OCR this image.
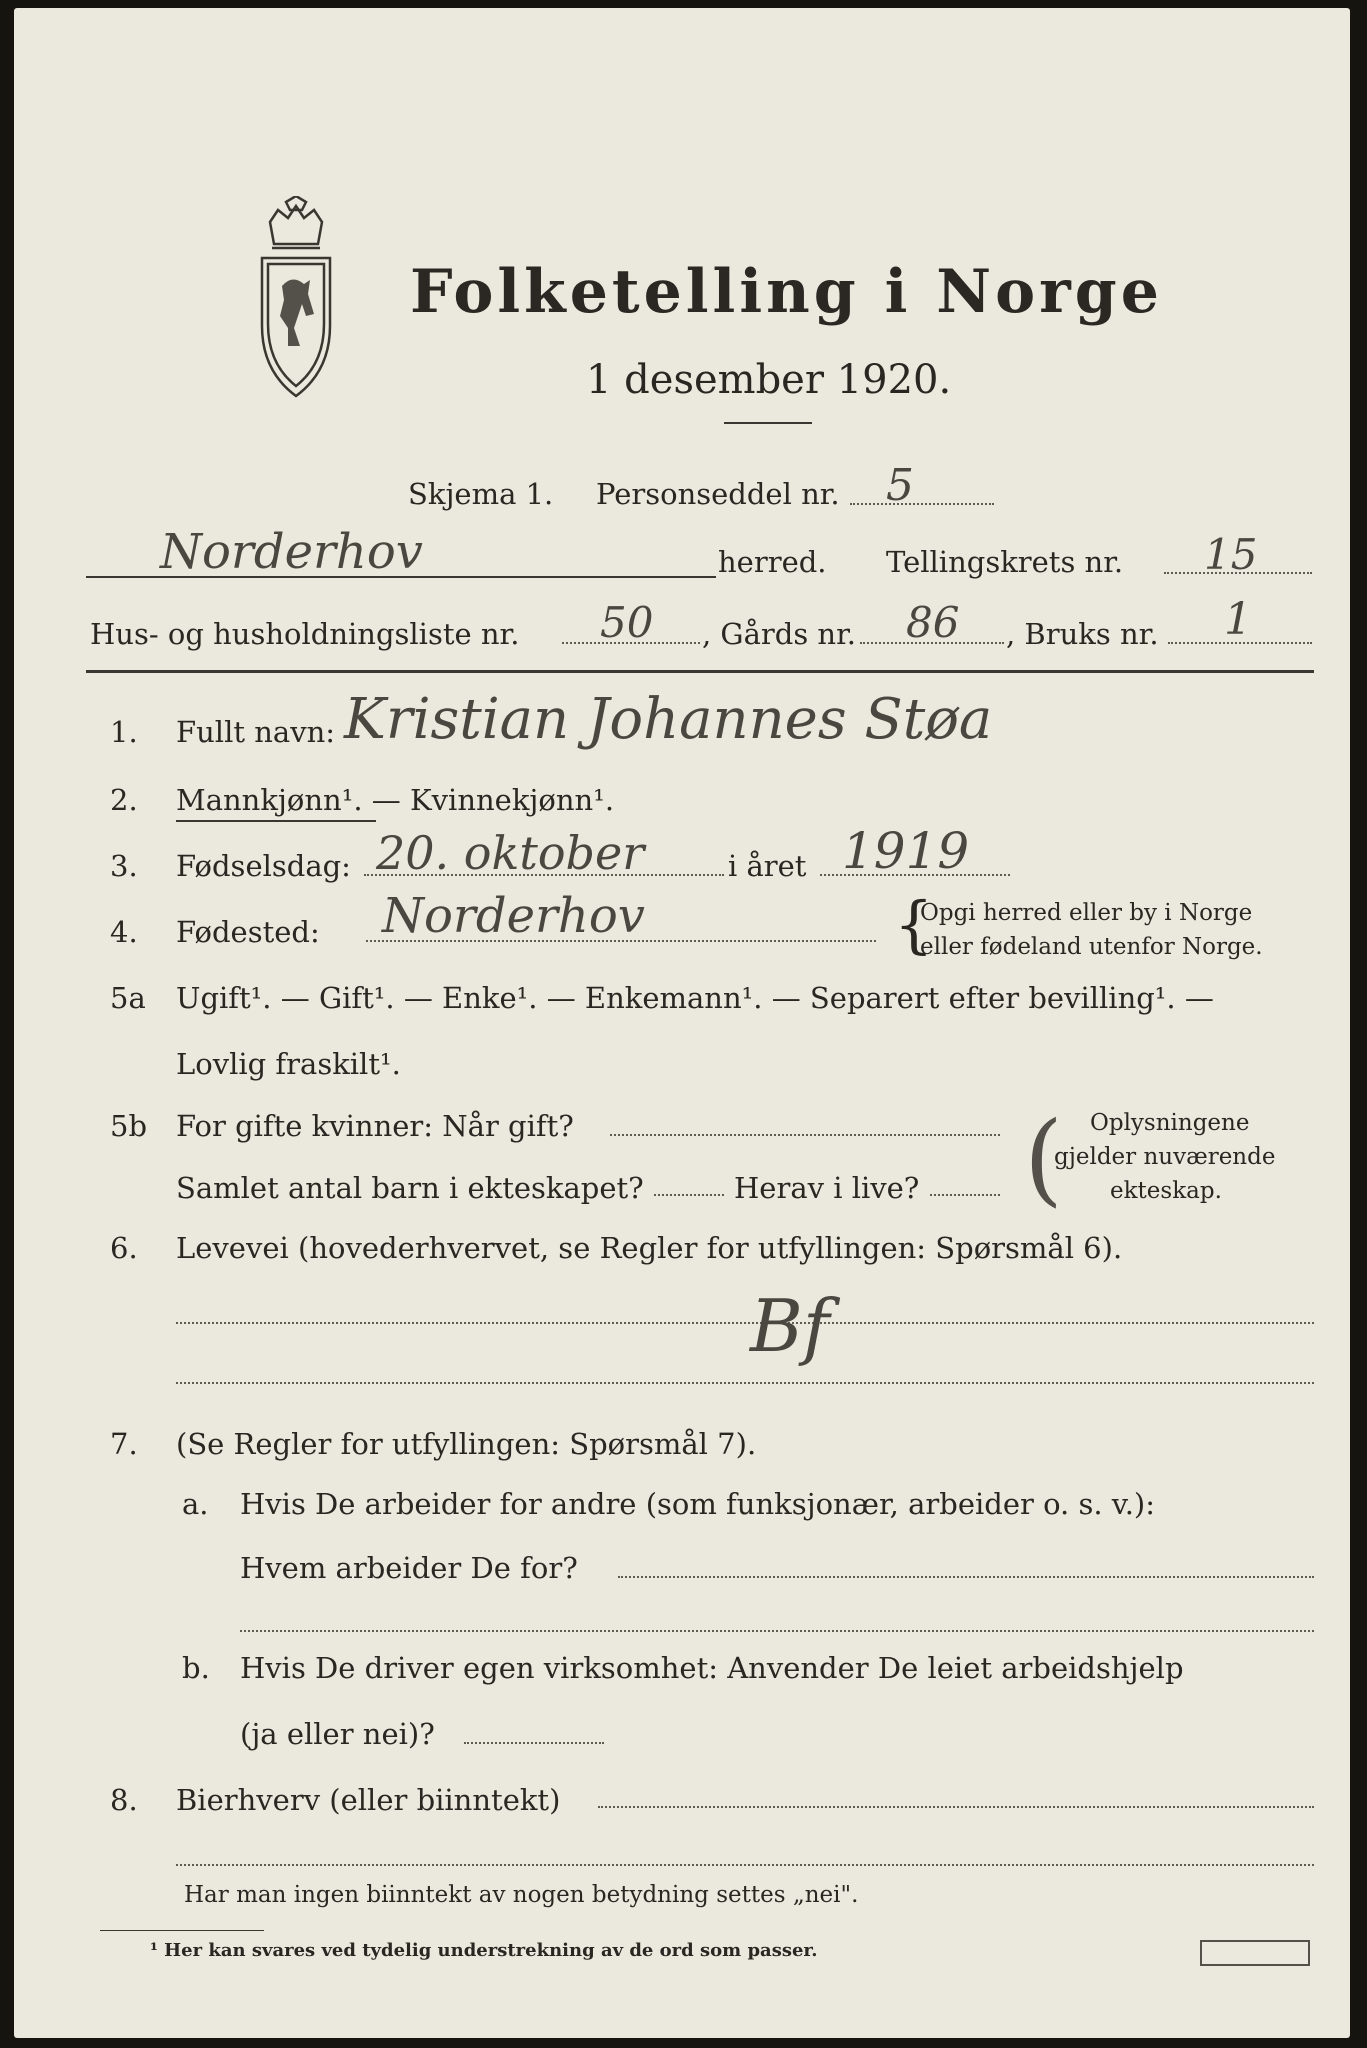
Folketelling i Norge
1 desember 1920.
Skjema 1. Personseddel nr. 5
Norderhov	herred. Tellingskrets nr. 15
Hus- og husholdningsliste nr. 50 , Gårds nr. 86 , Bruks nr. 1
1. Fullt navn: Kristian Johannes Støa
2. Mannkjønn¹. — Kvinnekjønn¹.
3. Fødselsdag: 20. oktober	i året 1919
4. Fødested: Norderhov	{
Opgi herred eller by i Norge
eller fødeland utenfor Norge.
5a Ugift¹. — Gift¹. — Enke¹. — Enkemann¹. — Separert efter bevilling¹. —
Lovlig fraskilt¹.
5b For gifte kvinner: Når gift?
Samlet antal barn i ekteskapet?	Herav i live? ( Oplysningene
gjelder nuværende
ekteskap.
6. Levevei (hovederhvervet, se Regler for utfyllingen: Spørsmål 6).
Bf
7. (Se Regler for utfyllingen: Spørsmål 7).
a. Hvis De arbeider for andre (som funksjonær, arbeider o. s. v.):
Hvem arbeider De for?
b. Hvis De driver egen virksomhet: Anvender De leiet arbeidshjelp
(ja eller nei)?
8. Bierhverv (eller biinntekt)
Har man ingen biinntekt av nogen betydning settes „nei".
¹ Her kan svares ved tydelig understrekning av de ord som passer.
